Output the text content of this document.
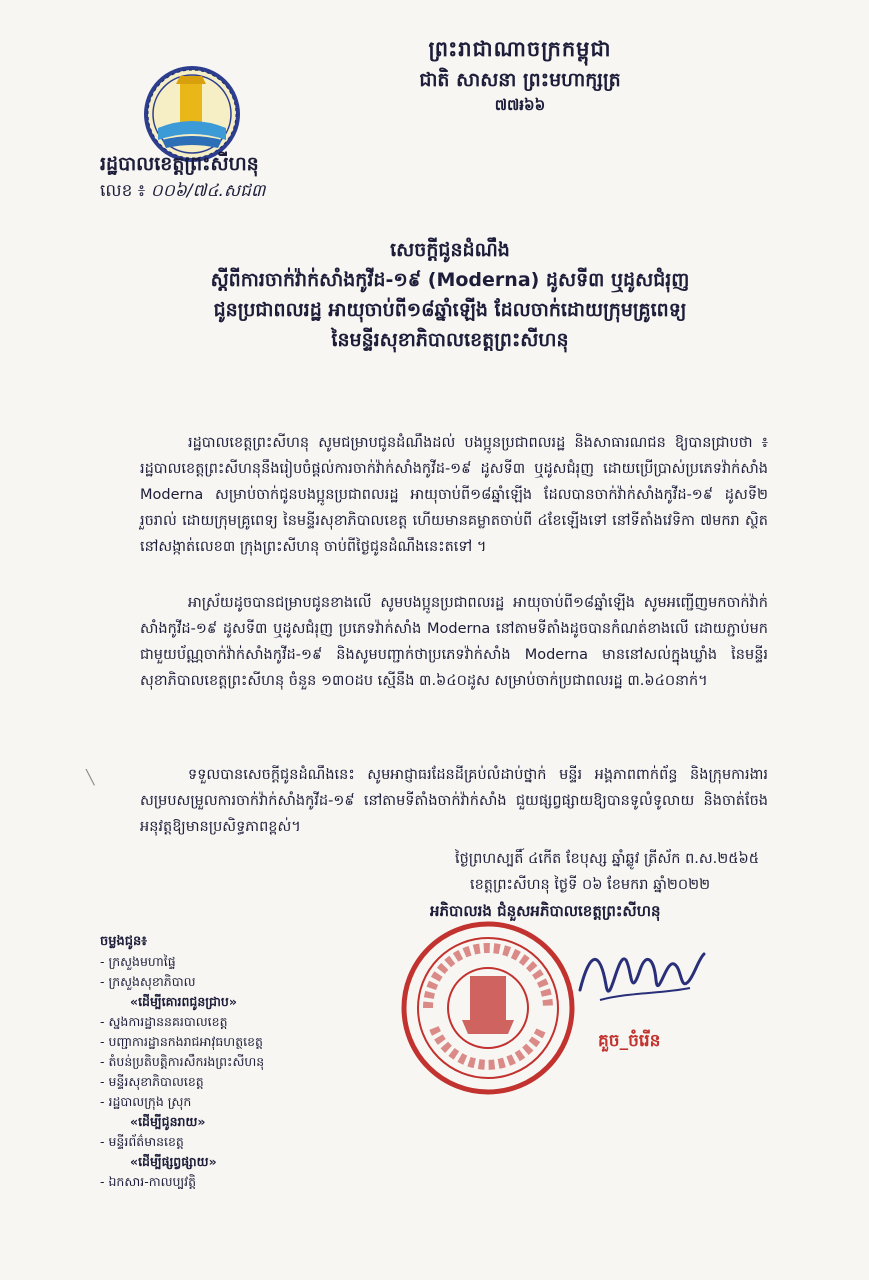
ព្រះរាជាណាចក្រកម្ពុជា
ជាតិ សាសនា ព្រះមហាក្សត្រ
៧៧៛៦៦
រដ្ឋបាលខេត្តព្រះសីហនុ
លេខ ៖ ០០៦/៧៤.សជ៣
សេចក្តីជូនដំណឹង
ស្តីពីការចាក់វ៉ាក់សាំងកូវីដ-១៩ (Moderna) ដូសទី៣ ឬដូសជំរុញ
ជូនប្រជាពលរដ្ឋ អាយុចាប់ពី១៨ឆ្នាំឡើង ដែលចាក់ដោយក្រុមគ្រូពេទ្យ
នៃមន្ទីរសុខាភិបាលខេត្តព្រះសីហនុ

រដ្ឋបាលខេត្តព្រះសីហនុ សូមជម្រាបជូនដំណឹងដល់ បងប្អូនប្រជាពលរដ្ឋ និងសាធារណជន ឱ្យបានជ្រាបថា ៖ រដ្ឋបាលខេត្តព្រះសីហនុនឹងរៀបចំផ្តល់ការចាក់វ៉ាក់សាំងកូវីដ-១៩ ដូសទី៣ ឬដូសជំរុញ ដោយប្រើប្រាស់ប្រភេទវ៉ាក់សាំង Moderna សម្រាប់ចាក់ជូនបងប្អូនប្រជាពលរដ្ឋ អាយុចាប់ពី១៨ឆ្នាំឡើង ដែលបានចាក់វ៉ាក់សាំងកូវីដ-១៩ ដូសទី២ រួចរាល់ ដោយក្រុមគ្រូពេទ្យ នៃមន្ទីរសុខាភិបាលខេត្ត ហើយមានគម្លាតចាប់ពី ៤ខែឡើងទៅ នៅទីតាំងវេទិកា ៧មករា ស្ថិតនៅសង្កាត់លេខ៣ ក្រុងព្រះសីហនុ ចាប់ពីថ្ងៃជូនដំណឹងនេះតទៅ ។

អាស្រ័យដូចបានជម្រាបជូនខាងលើ សូមបងប្អូនប្រជាពលរដ្ឋ អាយុចាប់ពី១៨ឆ្នាំឡើង សូមអញ្ជើញមកចាក់វ៉ាក់សាំងកូវីដ-១៩ ដូសទី៣ ឬដូសជំរុញ ប្រភេទវ៉ាក់សាំង Moderna នៅតាមទីតាំងដូចបានកំណត់ខាងលើ ដោយភ្ជាប់មកជាមួយប័ណ្ណចាក់វ៉ាក់សាំងកូវីដ-១៩ និងសូមបញ្ជាក់ថាប្រភេទវ៉ាក់សាំង Moderna មាននៅសល់ក្នុងឃ្លាំង នៃមន្ទីរសុខាភិបាលខេត្តព្រះសីហនុ ចំនួន ១៣០ដប ស្មើនឹង ៣.៦៤០ដូស សម្រាប់ចាក់ប្រជាពលរដ្ឋ ៣.៦៤០នាក់។

ទទួលបានសេចក្តីជូនដំណឹងនេះ សូមអាជ្ញាធរដែនដីគ្រប់លំដាប់ថ្នាក់ មន្ទីរ អង្គភាពពាក់ព័ន្ធ និងក្រុមការងារសម្របសម្រួលការចាក់វ៉ាក់សាំងកូវីដ-១៩ នៅតាមទីតាំងចាក់វ៉ាក់សាំង ជួយផ្សព្វផ្សាយឱ្យបានទូលំទូលាយ និងចាត់ចែងអនុវត្តឱ្យមានប្រសិទ្ធភាពខ្ពស់។

╲
ថ្ងៃព្រហស្បតិ៍ ៤កើត ខែបុស្ស ឆ្នាំឆ្លូវ ត្រីស័ក ព.ស.២៥៦៥
ខេត្តព្រះសីហនុ ថ្ងៃទី ០៦ ខែមករា ឆ្នាំ២០២២
អភិបាលរង ជំនួសអភិបាលខេត្តព្រះសីហនុ
គួច_ចំរើន
ចម្លងជូន៖
- ក្រសួងមហាផ្ទៃ
- ក្រសួងសុខាភិបាល
«ដើម្បីគោរពជូនជ្រាប»
- ស្នងការដ្ឋាននគរបាលខេត្ត
- បញ្ជាការដ្ឋានកងរាជអាវុធហត្ថខេត្ត
- តំបន់ប្រតិបត្តិការសឹករងព្រះសីហនុ
- មន្ទីរសុខាភិបាលខេត្ត
- រដ្ឋបាលក្រុង ស្រុក
«ដើម្បីជូនរាយ»
- មន្ទីរព័ត៌មានខេត្ត
«ដើម្បីផ្សព្វផ្សាយ»
- ឯកសារ-កាលប្បវត្តិ
